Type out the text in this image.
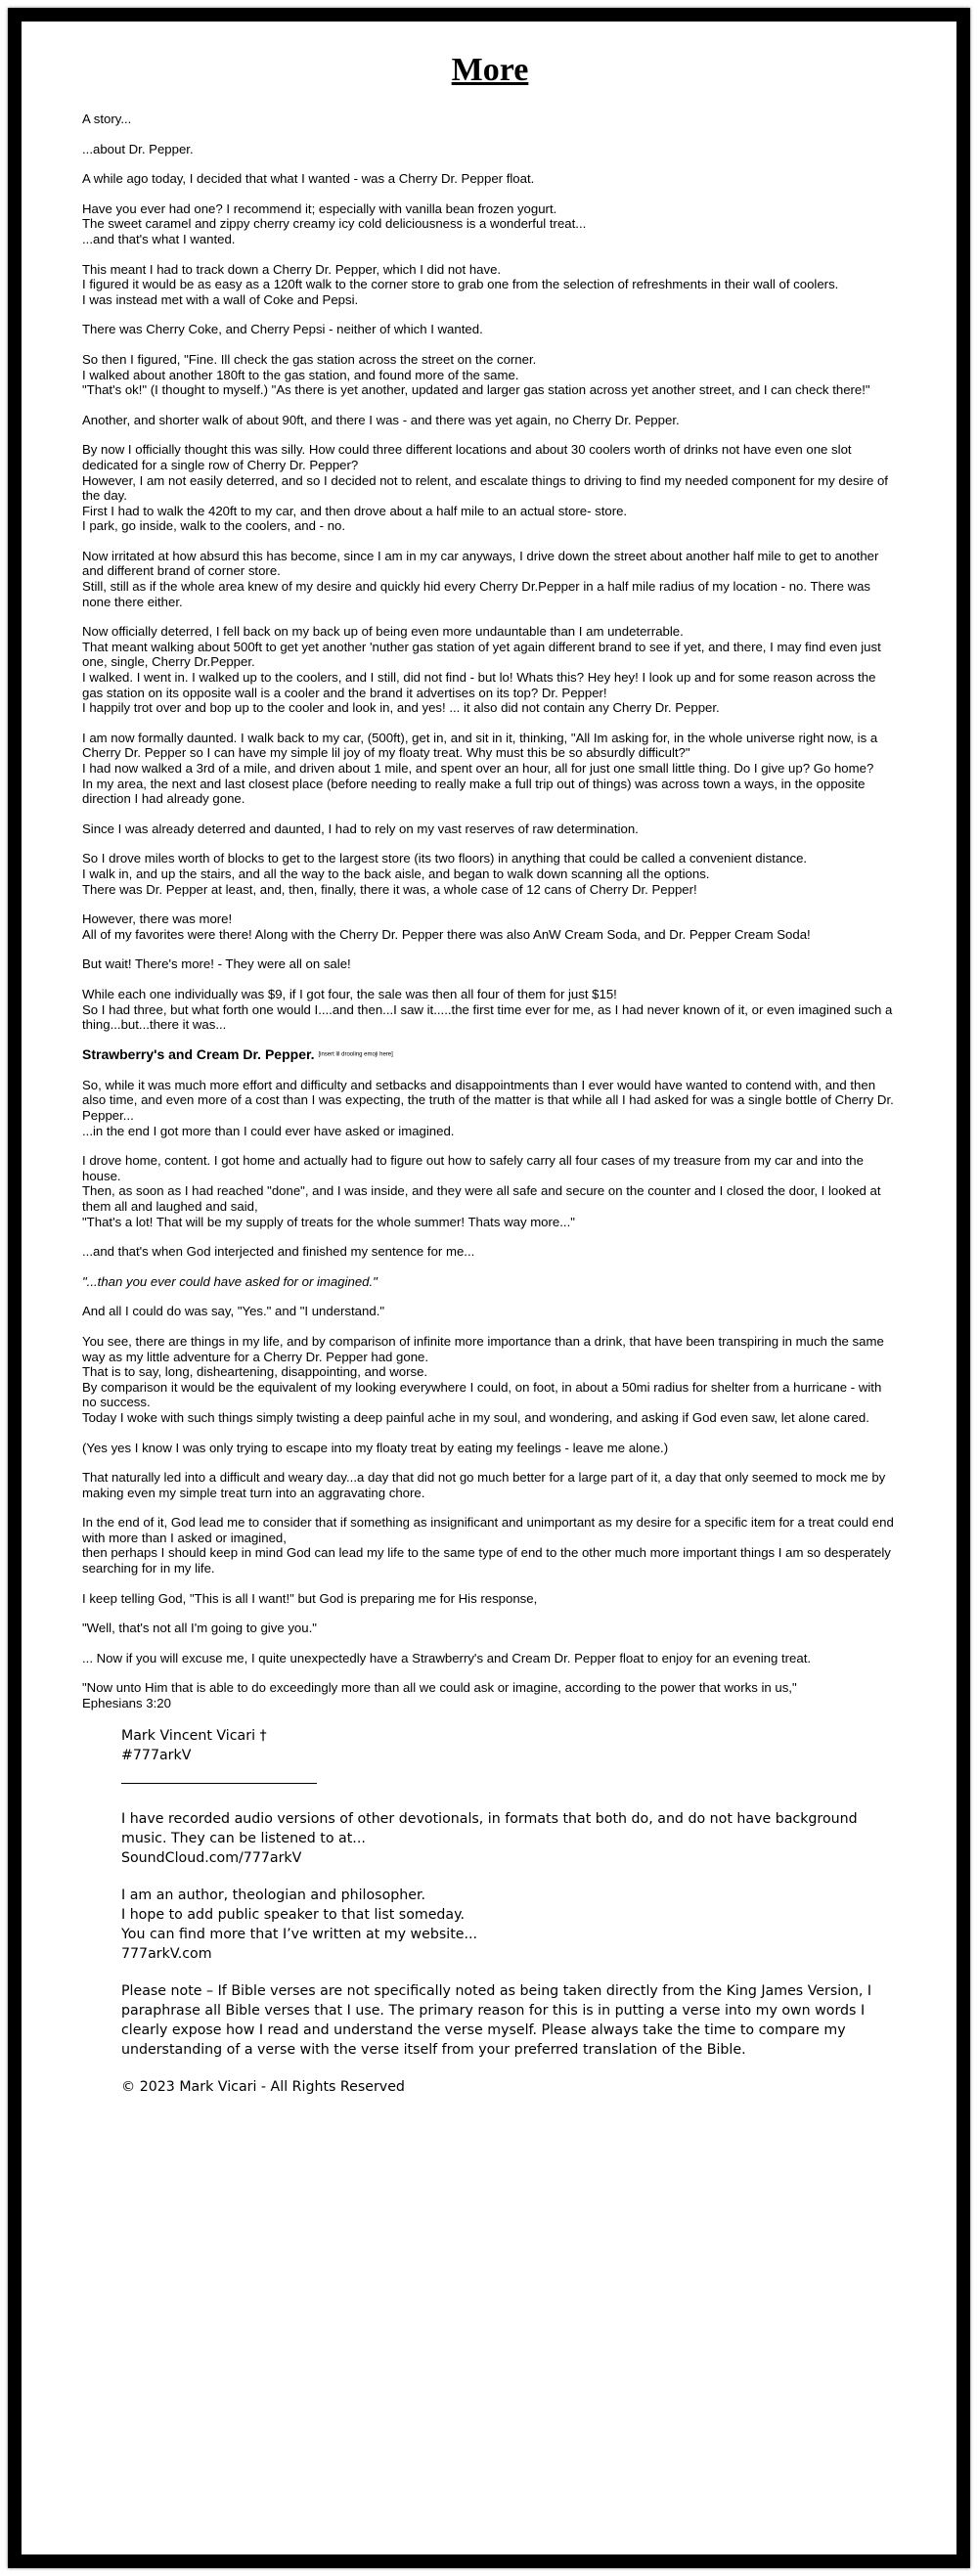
More

A story...

...about Dr. Pepper.

A while ago today, I decided that what I wanted - was a Cherry Dr. Pepper float.

Have you ever had one? I recommend it; especially with vanilla bean frozen yogurt.
The sweet caramel and zippy cherry creamy icy cold deliciousness is a wonderful treat...
...and that's what I wanted.

This meant I had to track down a Cherry Dr. Pepper, which I did not have.
I figured it would be as easy as a 120ft walk to the corner store to grab one from the selection of refreshments in their wall of coolers.
I was instead met with a wall of Coke and Pepsi.

There was Cherry Coke, and Cherry Pepsi - neither of which I wanted.

So then I figured, "Fine. Ill check the gas station across the street on the corner.
I walked about another 180ft to the gas station, and found more of the same.
"That's ok!" (I thought to myself.) "As there is yet another, updated and larger gas station across yet another street, and I can check there!"

Another, and shorter walk of about 90ft, and there I was - and there was yet again, no Cherry Dr. Pepper.

By now I officially thought this was silly. How could three different locations and about 30 coolers worth of drinks not have even one slot dedicated for a single row of Cherry Dr. Pepper?
However, I am not easily deterred, and so I decided not to relent, and escalate things to driving to find my needed component for my desire of the day.
First I had to walk the 420ft to my car, and then drove about a half mile to an actual store- store.
I park, go inside, walk to the coolers, and - no.

Now irritated at how absurd this has become, since I am in my car anyways, I drive down the street about another half mile to get to another and different brand of corner store.
Still, still as if the whole area knew of my desire and quickly hid every Cherry Dr.Pepper in a half mile radius of my location - no. There was none there either.

Now officially deterred, I fell back on my back up of being even more undauntable than I am undeterrable.
That meant walking about 500ft to get yet another 'nuther gas station of yet again different brand to see if yet, and there, I may find even just one, single, Cherry Dr.Pepper.
I walked. I went in. I walked up to the coolers, and I still, did not find - but lo! Whats this? Hey hey! I look up and for some reason across the gas station on its opposite wall is a cooler and the brand it advertises on its top? Dr. Pepper!
I happily trot over and bop up to the cooler and look in, and yes! ... it also did not contain any Cherry Dr. Pepper.

I am now formally daunted. I walk back to my car, (500ft), get in, and sit in it, thinking, "All Im asking for, in the whole universe right now, is a Cherry Dr. Pepper so I can have my simple lil joy of my floaty treat. Why must this be so absurdly difficult?"
I had now walked a 3rd of a mile, and driven about 1 mile, and spent over an hour, all for just one small little thing. Do I give up? Go home?
In my area, the next and last closest place (before needing to really make a full trip out of things) was across town a ways, in the opposite direction I had already gone.

Since I was already deterred and daunted, I had to rely on my vast reserves of raw determination.

So I drove miles worth of blocks to get to the largest store (its two floors) in anything that could be called a convenient distance.
I walk in, and up the stairs, and all the way to the back aisle, and began to walk down scanning all the options.
There was Dr. Pepper at least, and, then, finally, there it was, a whole case of 12 cans of Cherry Dr. Pepper!

However, there was more!
All of my favorites were there! Along with the Cherry Dr. Pepper there was also AnW Cream Soda, and Dr. Pepper Cream Soda!

But wait! There's more! - They were all on sale!

While each one individually was $9, if I got four, the sale was then all four of them for just $15!
So I had three, but what forth one would I....and then...I saw it.....the first time ever for me, as I had never known of it, or even imagined such a thing...but...there it was...

Strawberry's and Cream Dr. Pepper. [insert lil drooling emoji here]

So, while it was much more effort and difficulty and setbacks and disappointments than I ever would have wanted to contend with, and then also time, and even more of a cost than I was expecting, the truth of the matter is that while all I had asked for was a single bottle of Cherry Dr. Pepper...
...in the end I got more than I could ever have asked or imagined.

I drove home, content. I got home and actually had to figure out how to safely carry all four cases of my treasure from my car and into the house.
Then, as soon as I had reached "done", and I was inside, and they were all safe and secure on the counter and I closed the door, I looked at them all and laughed and said,
"That's a lot! That will be my supply of treats for the whole summer! Thats way more..."

...and that's when God interjected and finished my sentence for me...

"...than you ever could have asked for or imagined."

And all I could do was say, "Yes." and "I understand."

You see, there are things in my life, and by comparison of infinite more importance than a drink, that have been transpiring in much the same way as my little adventure for a Cherry Dr. Pepper had gone.
That is to say, long, disheartening, disappointing, and worse.
By comparison it would be the equivalent of my looking everywhere I could, on foot, in about a 50mi radius for shelter from a hurricane - with no success.
Today I woke with such things simply twisting a deep painful ache in my soul, and wondering, and asking if God even saw, let alone cared.

(Yes yes I know I was only trying to escape into my floaty treat by eating my feelings - leave me alone.)

That naturally led into a difficult and weary day...a day that did not go much better for a large part of it, a day that only seemed to mock me by making even my simple treat turn into an aggravating chore.

In the end of it, God lead me to consider that if something as insignificant and unimportant as my desire for a specific item for a treat could end with more than I asked or imagined,
then perhaps I should keep in mind God can lead my life to the same type of end to the other much more important things I am so desperately searching for in my life.

I keep telling God, "This is all I want!" but God is preparing me for His response,

"Well, that's not all I'm going to give you."

... Now if you will excuse me, I quite unexpectedly have a Strawberry's and Cream Dr. Pepper float to enjoy for an evening treat.

"Now unto Him that is able to do exceedingly more than all we could ask or imagine, according to the power that works in us,"
Ephesians 3:20

Mark Vincent Vicari †
#777arkV

I have recorded audio versions of other devotionals, in formats that both do, and do not have background music. They can be listened to at...
SoundCloud.com/777arkV

I am an author, theologian and philosopher.
I hope to add public speaker to that list someday.
You can find more that I’ve written at my website...
777arkV.com

Please note – If Bible verses are not specifically noted as being taken directly from the King James Version, I paraphrase all Bible verses that I use. The primary reason for this is in putting a verse into my own words I clearly expose how I read and understand the verse myself. Please always take the time to compare my understanding of a verse with the verse itself from your preferred translation of the Bible.

© 2023 Mark Vicari - All Rights Reserved
